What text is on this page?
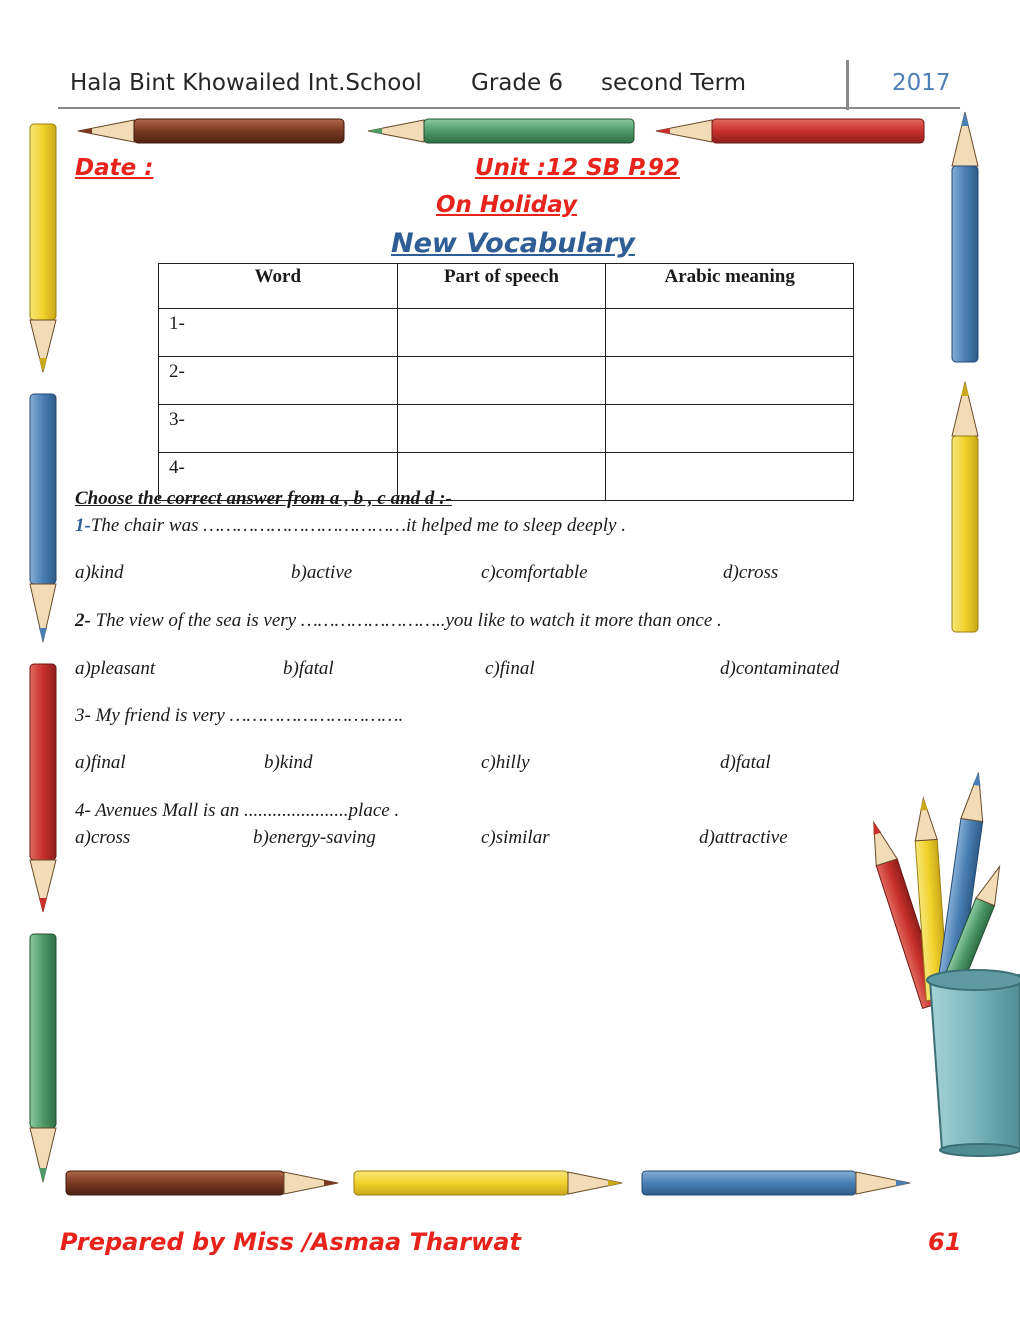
Hala Bint Khowailed Int.School Grade 6 second Term	2017
Date :	Unit :12 SB P.92
On Holiday
New Vocabulary
Word	Part of speech	Arabic meaning
1-		
2-		
3-		
4-		
Choose the correct answer from a , b , c and d :-
1-The chair was ………………………………it helped me to sleep deeply .
a)kind	b)active	c)comfortable	d)cross
2- The view of the sea is very ……………………..you like to watch it more than once .
a)pleasant	b)fatal	c)final	d)contaminated
3- My friend is very ………………………….
a)final	b)kind	c)hilly	d)fatal
4- Avenues Mall is an ......................place .
a)cross	b)energy-saving	c)similar	d)attractive
Prepared by Miss /Asmaa Tharwat	61
